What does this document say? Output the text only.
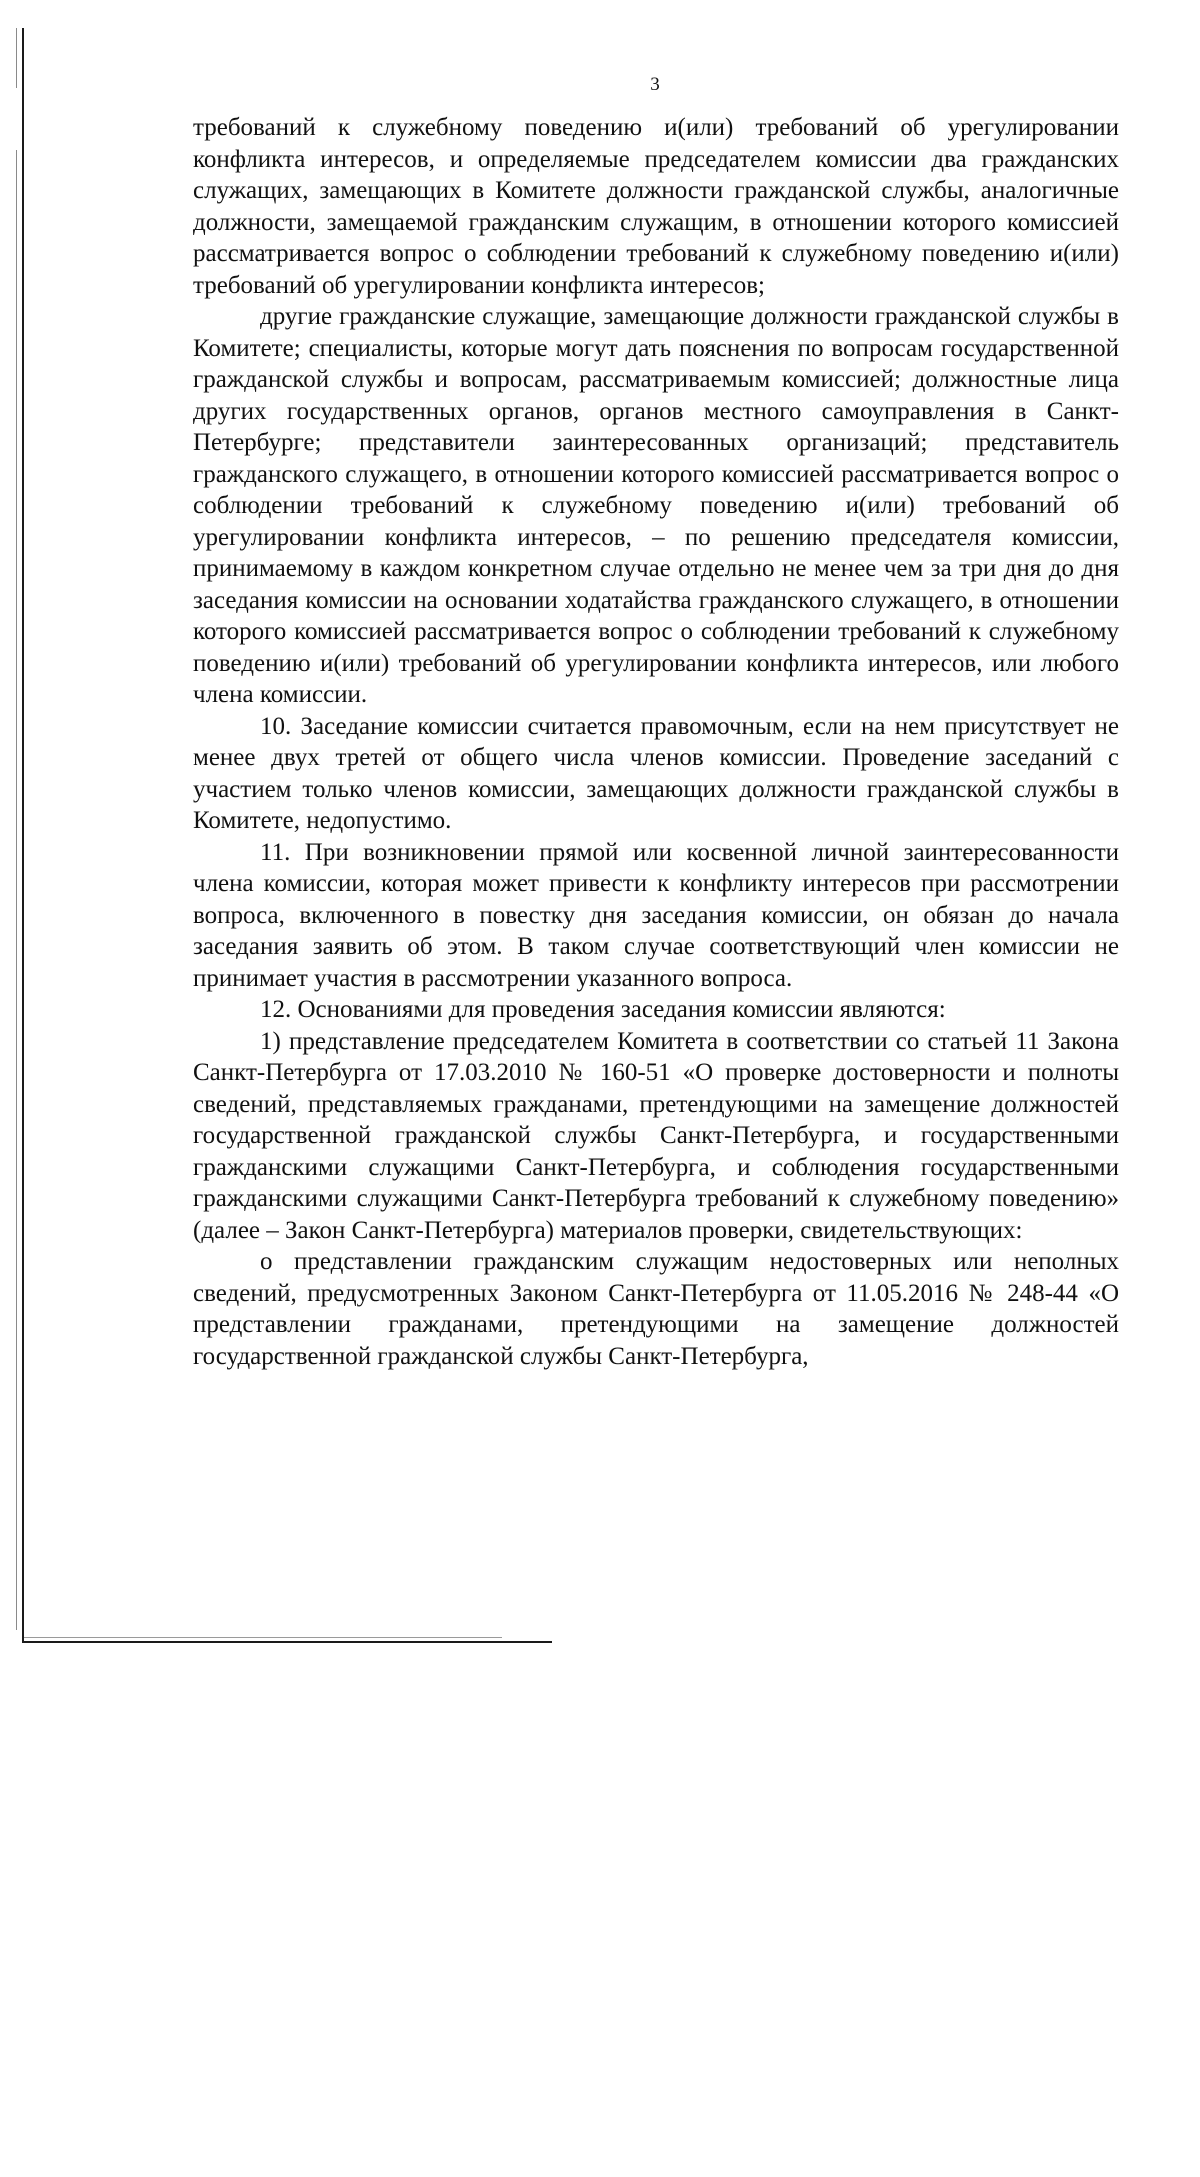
3

требований к служебному поведению и(или) требований об урегулировании конфликта интересов, и определяемые председателем комиссии два гражданских служащих, замещающих в Комитете должности гражданской службы, аналогичные должности, замещаемой гражданским служащим, в отношении которого комиссией рассматривается вопрос о соблюдении требований к служебному поведению и(или) требований об урегулировании конфликта интересов;

другие гражданские служащие, замещающие должности гражданской службы в Комитете; специалисты, которые могут дать пояснения по вопросам государственной гражданской службы и вопросам, рассматриваемым комиссией; должностные лица других государственных органов, органов местного самоуправления в Санкт-Петербурге; представители заинтересованных организаций; представитель гражданского служащего, в отношении которого комиссией рассматривается вопрос о соблюдении требований к служебному поведению и(или) требований об урегулировании конфликта интересов, – по решению председателя комиссии, принимаемому в каждом конкретном случае отдельно не менее чем за три дня до дня заседания комиссии на основании ходатайства гражданского служащего, в отношении которого комиссией рассматривается вопрос о соблюдении требований к служебному поведению и(или) требований об урегулировании конфликта интересов, или любого члена комиссии.

10. Заседание комиссии считается правомочным, если на нем присутствует не менее двух третей от общего числа членов комиссии. Проведение заседаний с участием только членов комиссии, замещающих должности гражданской службы в Комитете, недопустимо.

11. При возникновении прямой или косвенной личной заинтересованности члена комиссии, которая может привести к конфликту интересов при рассмотрении вопроса, включенного в повестку дня заседания комиссии, он обязан до начала заседания заявить об этом. В таком случае соответствующий член комиссии не принимает участия в рассмотрении указанного вопроса.

12. Основаниями для проведения заседания комиссии являются:

1) представление председателем Комитета в соответствии со статьей 11 Закона Санкт-Петербурга от 17.03.2010 № 160-51 «О проверке достоверности и полноты сведений, представляемых гражданами, претендующими на замещение должностей государственной гражданской службы Санкт-Петербурга, и государственными гражданскими служащими Санкт-Петербурга, и соблюдения государственными гражданскими служащими Санкт-Петербурга требований к служебному поведению» (далее – Закон Санкт-Петербурга) материалов проверки, свидетельствующих:

о представлении гражданским служащим недостоверных или неполных сведений, предусмотренных Законом Санкт-Петербурга от 11.05.2016 № 248-44 «О представлении гражданами, претендующими на замещение должностей государственной гражданской службы Санкт-Петербурга,
